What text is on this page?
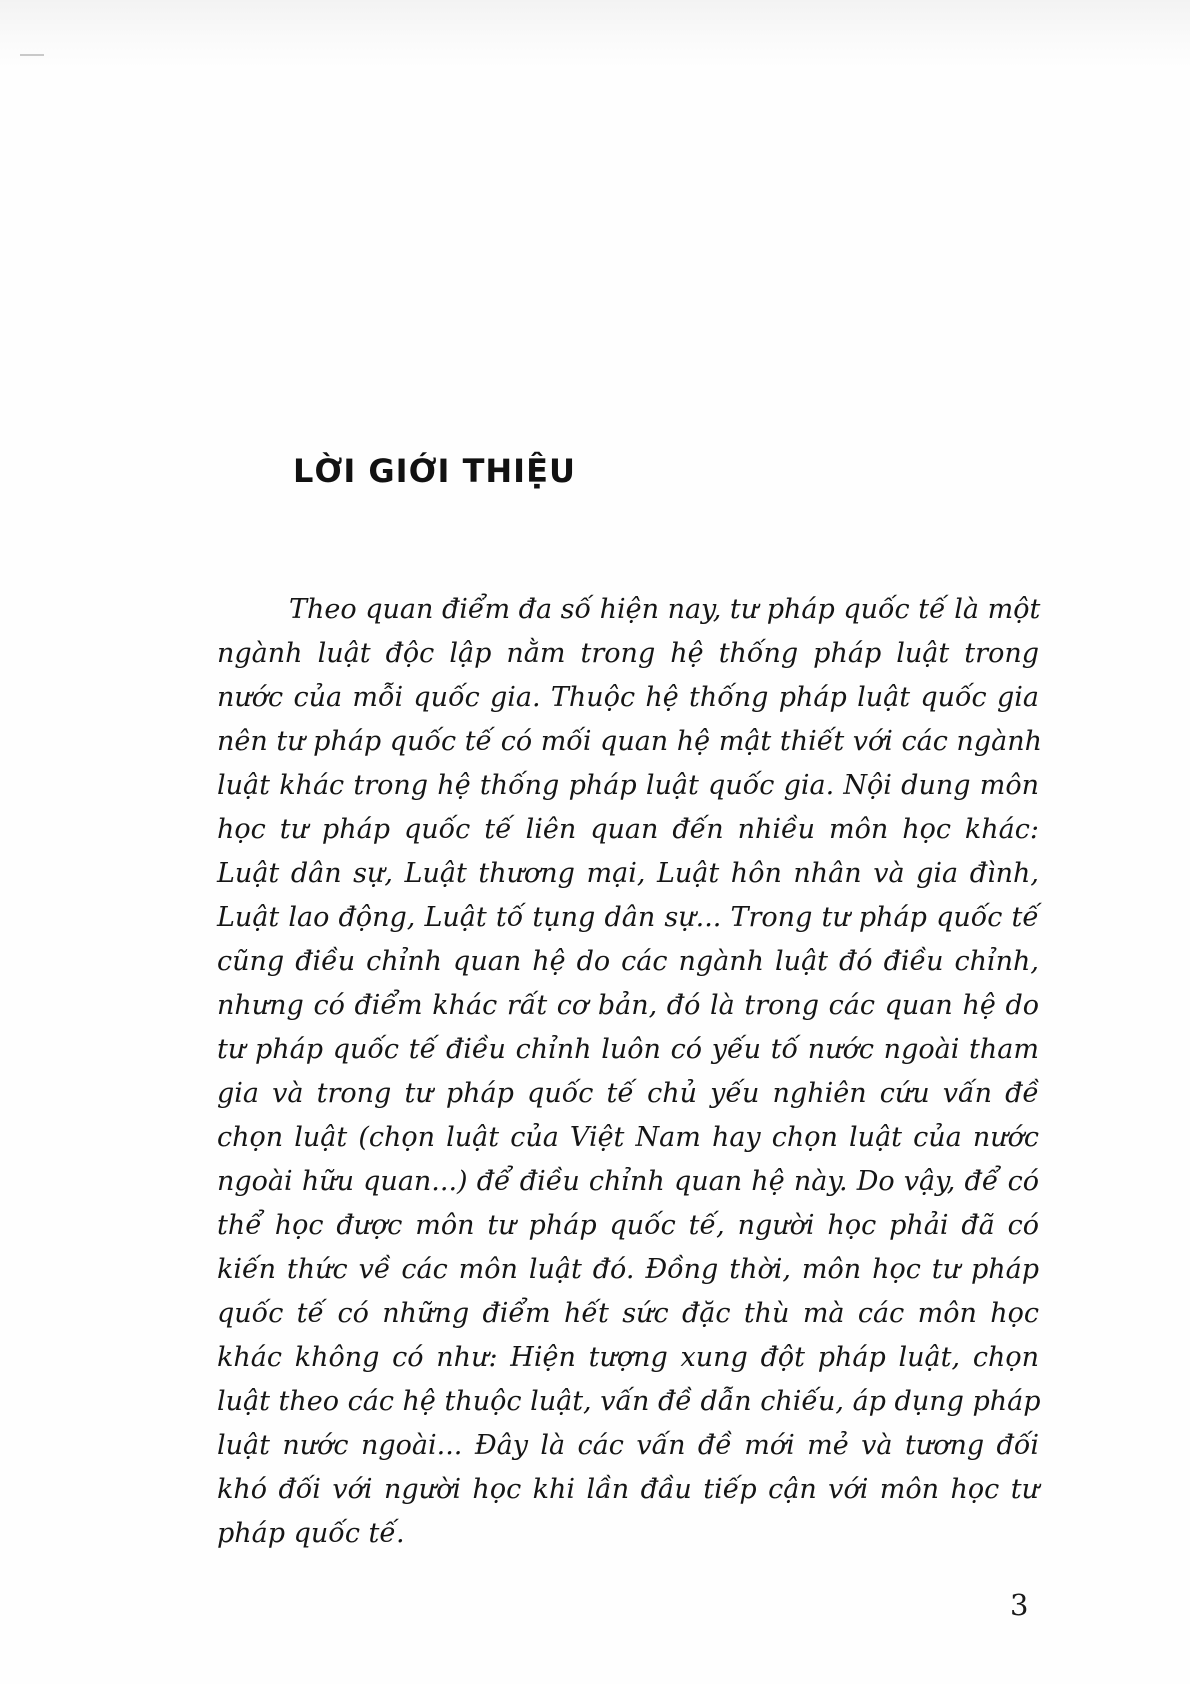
LỜI GIỚI THIỆU
Theo quan điểm đa số hiện nay, tư pháp quốc tế là một
ngành luật độc lập nằm trong hệ thống pháp luật trong
nước của mỗi quốc gia. Thuộc hệ thống pháp luật quốc gia
nên tư pháp quốc tế có mối quan hệ mật thiết với các ngành
luật khác trong hệ thống pháp luật quốc gia. Nội dung môn
học tư pháp quốc tế liên quan đến nhiều môn học khác:
Luật dân sự, Luật thương mại, Luật hôn nhân và gia đình,
Luật lao động, Luật tố tụng dân sự... Trong tư pháp quốc tế
cũng điều chỉnh quan hệ do các ngành luật đó điều chỉnh,
nhưng có điểm khác rất cơ bản, đó là trong các quan hệ do
tư pháp quốc tế điều chỉnh luôn có yếu tố nước ngoài tham
gia và trong tư pháp quốc tế chủ yếu nghiên cứu vấn đề
chọn luật (chọn luật của Việt Nam hay chọn luật của nước
ngoài hữu quan...) để điều chỉnh quan hệ này. Do vậy, để có
thể học được môn tư pháp quốc tế, người học phải đã có
kiến thức về các môn luật đó. Đồng thời, môn học tư pháp
quốc tế có những điểm hết sức đặc thù mà các môn học
khác không có như: Hiện tượng xung đột pháp luật, chọn
luật theo các hệ thuộc luật, vấn đề dẫn chiếu, áp dụng pháp
luật nước ngoài... Đây là các vấn đề mới mẻ và tương đối
khó đối với người học khi lần đầu tiếp cận với môn học tư
pháp quốc tế.
3
